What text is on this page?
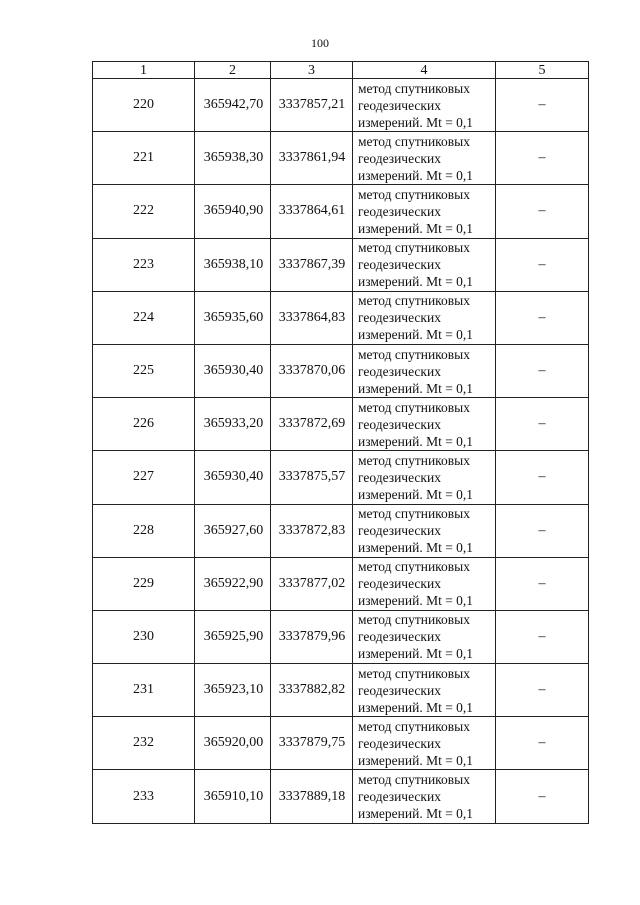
100
1	2	3	4	5
220	365942,70	3337857,21	метод спутниковых
геодезических
измерений. Mt = 0,1	–
221	365938,30	3337861,94	метод спутниковых
геодезических
измерений. Mt = 0,1	–
222	365940,90	3337864,61	метод спутниковых
геодезических
измерений. Mt = 0,1	–
223	365938,10	3337867,39	метод спутниковых
геодезических
измерений. Mt = 0,1	–
224	365935,60	3337864,83	метод спутниковых
геодезических
измерений. Mt = 0,1	–
225	365930,40	3337870,06	метод спутниковых
геодезических
измерений. Mt = 0,1	–
226	365933,20	3337872,69	метод спутниковых
геодезических
измерений. Mt = 0,1	–
227	365930,40	3337875,57	метод спутниковых
геодезических
измерений. Mt = 0,1	–
228	365927,60	3337872,83	метод спутниковых
геодезических
измерений. Mt = 0,1	–
229	365922,90	3337877,02	метод спутниковых
геодезических
измерений. Mt = 0,1	–
230	365925,90	3337879,96	метод спутниковых
геодезических
измерений. Mt = 0,1	–
231	365923,10	3337882,82	метод спутниковых
геодезических
измерений. Mt = 0,1	–
232	365920,00	3337879,75	метод спутниковых
геодезических
измерений. Mt = 0,1	–
233	365910,10	3337889,18	метод спутниковых
геодезических
измерений. Mt = 0,1	–
